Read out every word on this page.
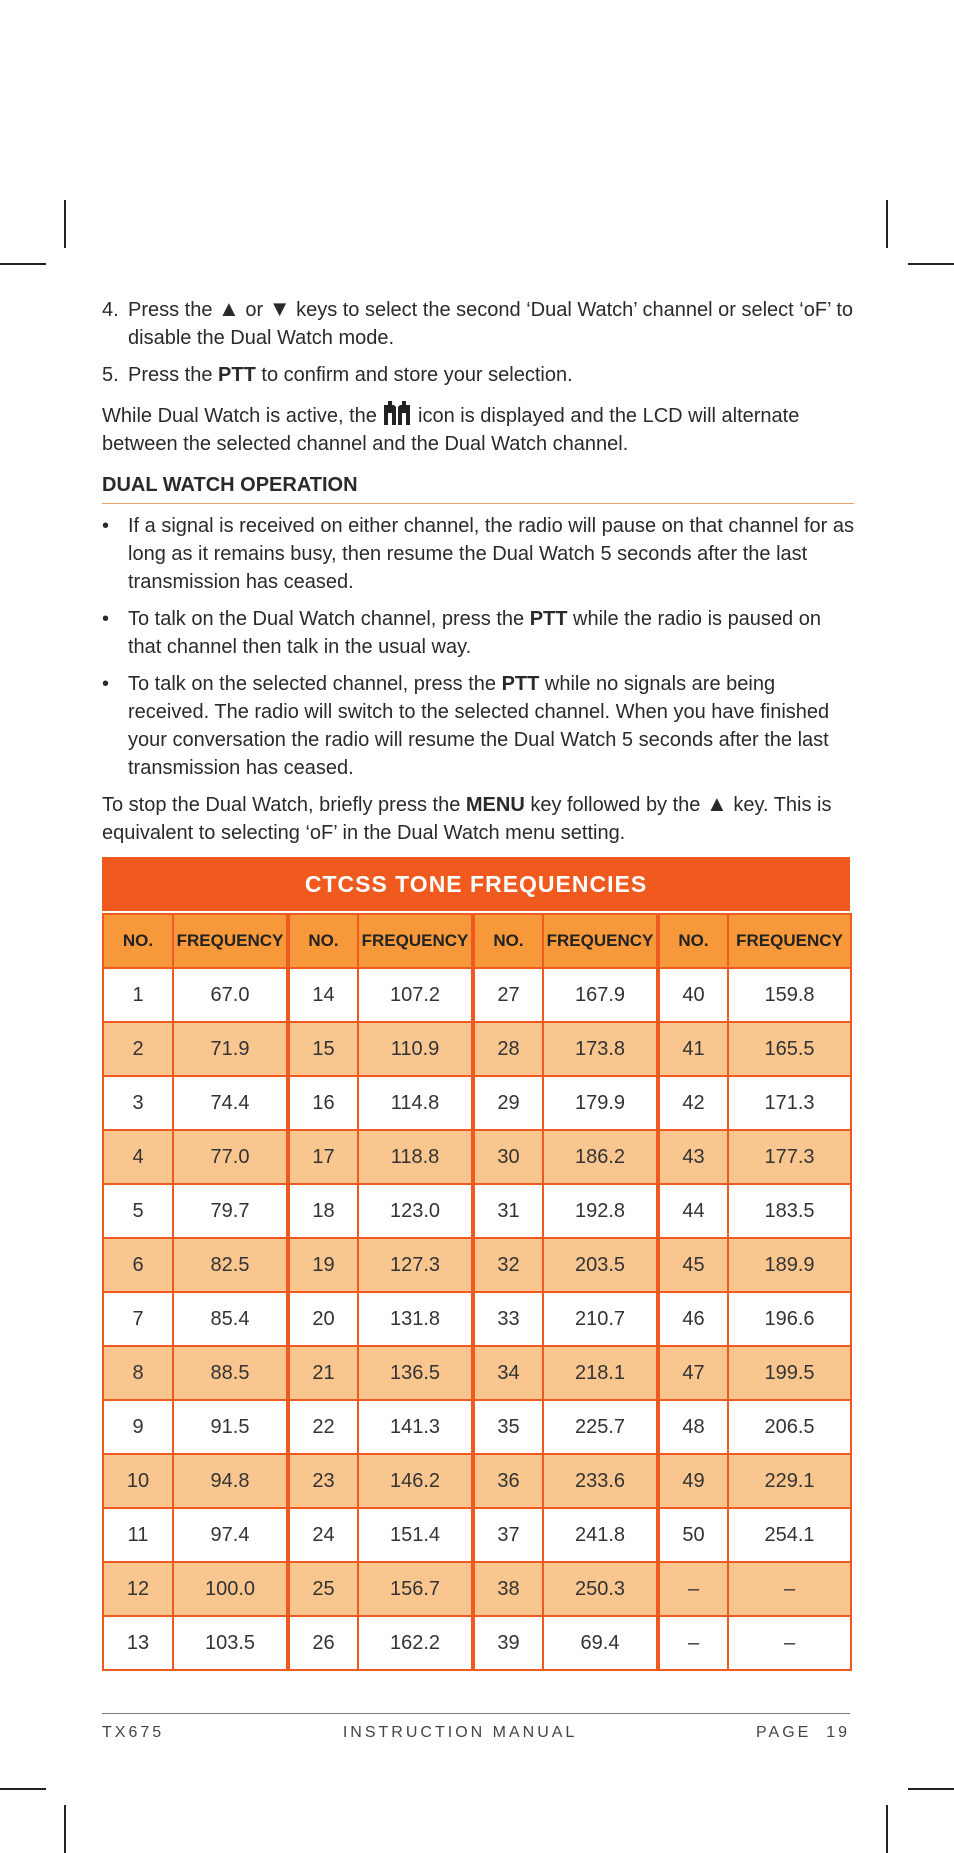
4. Press the ▲ or ▼ keys to select the second ‘Dual Watch’ channel or select ‘oF’ to disable the Dual Watch mode.
5. Press the PTT to confirm and store your selection.

While Dual Watch is active, the  icon is displayed and the LCD will alternate between the selected channel and the Dual Watch channel.

DUAL WATCH OPERATION
• If a signal is received on either channel, the radio will pause on that channel for as long as it remains busy, then resume the Dual Watch 5 seconds after the last transmission has ceased.
• To talk on the Dual Watch channel, press the PTT while the radio is paused on that channel then talk in the usual way.
• To talk on the selected channel, press the PTT while no signals are being received. The radio will switch to the selected channel. When you have finished your conversation the radio will resume the Dual Watch 5 seconds after the last transmission has ceased.

To stop the Dual Watch, briefly press the MENU key followed by the ▲ key. This is equivalent to selecting ‘oF’ in the Dual Watch menu setting.

CTCSS TONE FREQUENCIES
NO.	FREQUENCY	NO.	FREQUENCY	NO.	FREQUENCY	NO.	FREQUENCY
1	67.0	14	107.2	27	167.9	40	159.8
2	71.9	15	110.9	28	173.8	41	165.5
3	74.4	16	114.8	29	179.9	42	171.3
4	77.0	17	118.8	30	186.2	43	177.3
5	79.7	18	123.0	31	192.8	44	183.5
6	82.5	19	127.3	32	203.5	45	189.9
7	85.4	20	131.8	33	210.7	46	196.6
8	88.5	21	136.5	34	218.1	47	199.5
9	91.5	22	141.3	35	225.7	48	206.5
10	94.8	23	146.2	36	233.6	49	229.1
11	97.4	24	151.4	37	241.8	50	254.1
12	100.0	25	156.7	38	250.3	–	–
13	103.5	26	162.2	39	69.4	–	–
TX675	INSTRUCTION MANUAL	PAGE  19
